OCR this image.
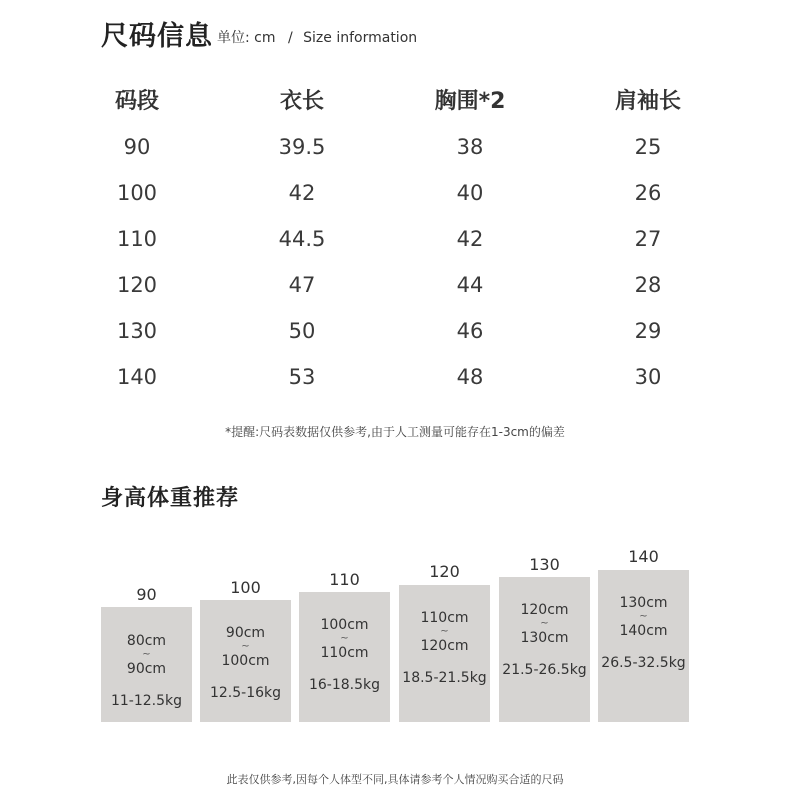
尺码信息 单位: cm / Size information
码段	衣长	胸围*2	肩袖长
90	39.5	38	25
100	42	40	26
110	44.5	42	27
120	47	44	28
130	50	46	29
140	53	48	30
*提醒:尺码表数据仅供参考,由于人工测量可能存在1-3cm的偏差
身高体重推荐
90
80cm
~
90cm
11-12.5kg
100
90cm
~
100cm
12.5-16kg
110
100cm
~
110cm
16-18.5kg
120
110cm
~
120cm
18.5-21.5kg
130
120cm
~
130cm
21.5-26.5kg
140
130cm
~
140cm
26.5-32.5kg
此表仅供参考,因每个人体型不同,具体请参考个人情况购买合适的尺码
